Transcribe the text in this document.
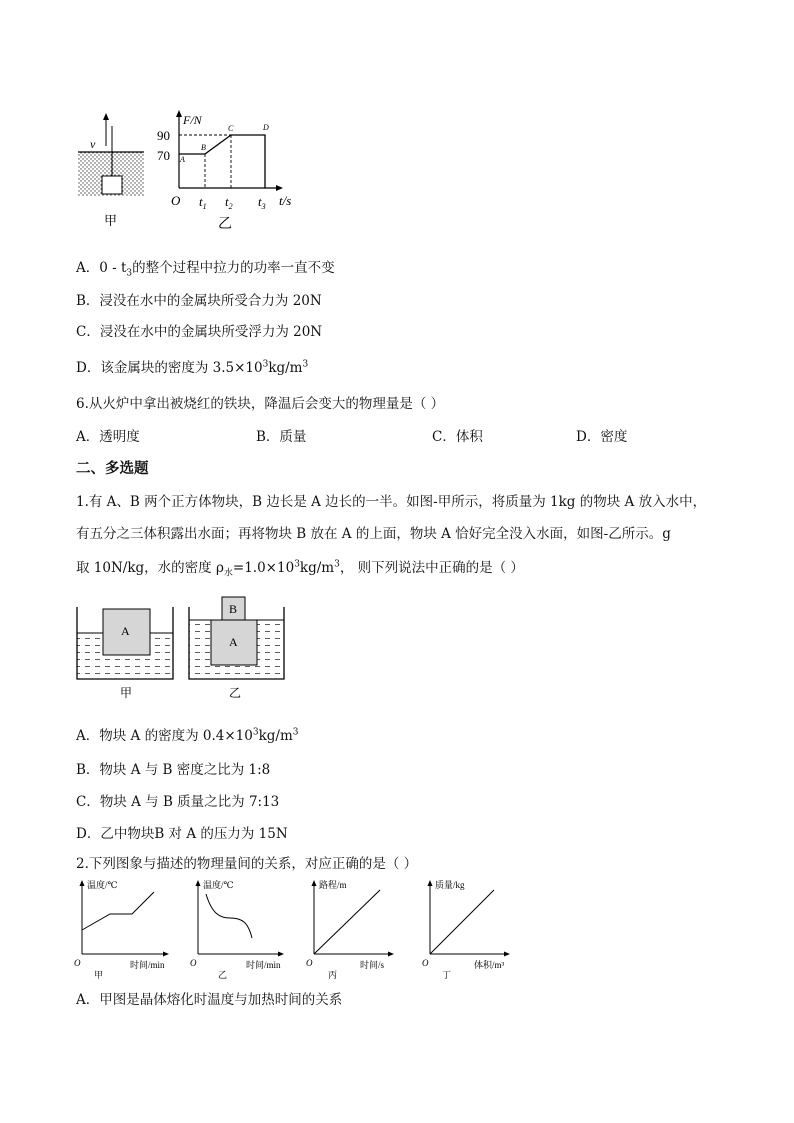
v
甲
F/N
90
70 A
B
C	D
O $t_1$ $t_2$ $t_3$ t/s
乙
A．$0 - t_3$的整个过程中拉力的功率一直不变
B．浸没在水中的金属块所受合力为 20N
C．浸没在水中的金属块所受浮力为 20N
D．该金属块的密度为 $3.5\times 10^3kg/m^3$
6.从火炉中拿出被烧红的铁块，降温后会变大的物理量是（ ）
A．透明度	B．质量	C．体积	D．密度
二、多选题
1.有 A、B 两个正方体物块，B 边长是 A 边长的一半。如图-甲所示，将质量为 1kg 的物块 A 放入水中，
有五分之三体积露出水面；再将物块 B 放在 A 的上面，物块 A 恰好完全没入水面，如图-乙所示。g
取 10N/kg，水的密度 $\rho_水=1.0\times 10^3kg/m^3$， 则下列说法中正确的是（ ）
A
甲
B
A
乙
A．物块 A 的密度为 $0.4\times 10^3kg/m^3$
B．物块 A 与 B 密度之比为 1:8
C．物块 A 与 B 质量之比为 7:13
D．乙中物块B 对 A 的压力为 15N
2.下列图象与描述的物理量间的关系，对应正确的是（ ）
温度/℃
O	时间/min
甲
温度/℃
O	时间/min
乙
路程/m
O	时间/s
丙
质量/kg
O	体积/m³
丁
A．甲图是晶体熔化时温度与加热时间的关系
